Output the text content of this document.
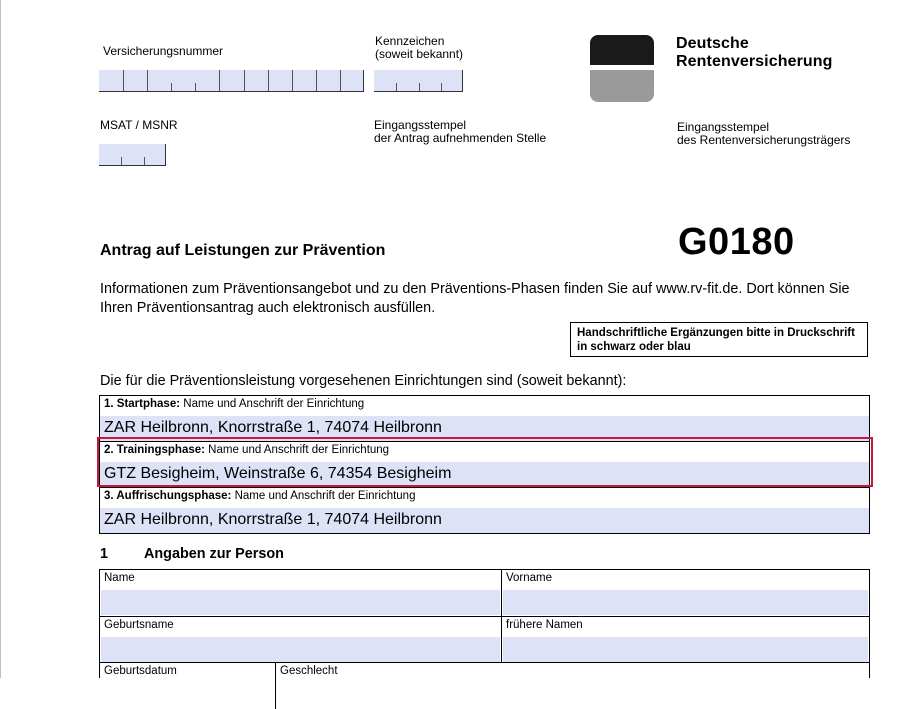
Versicherungsnummer
Kennzeichen
(soweit bekannt)
Deutsche
Rentenversicherung
MSAT / MSNR	Eingangsstempel
der Antrag aufnehmenden Stelle
Eingangsstempel
des Rentenversicherungsträgers
Antrag auf Leistungen zur Prävention	G0180
Informationen zum Präventionsangebot und zu den Präventions-Phasen finden Sie auf www.rv-fit.de. Dort können Sie Ihren Präventionsantrag auch elektronisch ausfüllen.
Handschriftliche Ergänzungen bitte in Druckschrift in schwarz oder blau
Die für die Präventionsleistung vorgesehenen Einrichtungen sind (soweit bekannt):
1. Startphase: Name und Anschrift der Einrichtung
ZAR Heilbronn, Knorrstraße 1, 74074 Heilbronn
2. Trainingsphase: Name und Anschrift der Einrichtung
GTZ Besigheim, Weinstraße 6, 74354 Besigheim
3. Auffrischungsphase: Name und Anschrift der Einrichtung
ZAR Heilbronn, Knorrstraße 1, 74074 Heilbronn
1 Angaben zur Person
Name	Vorname
Geburtsname	frühere Namen
Geburtsdatum	Geschlecht
